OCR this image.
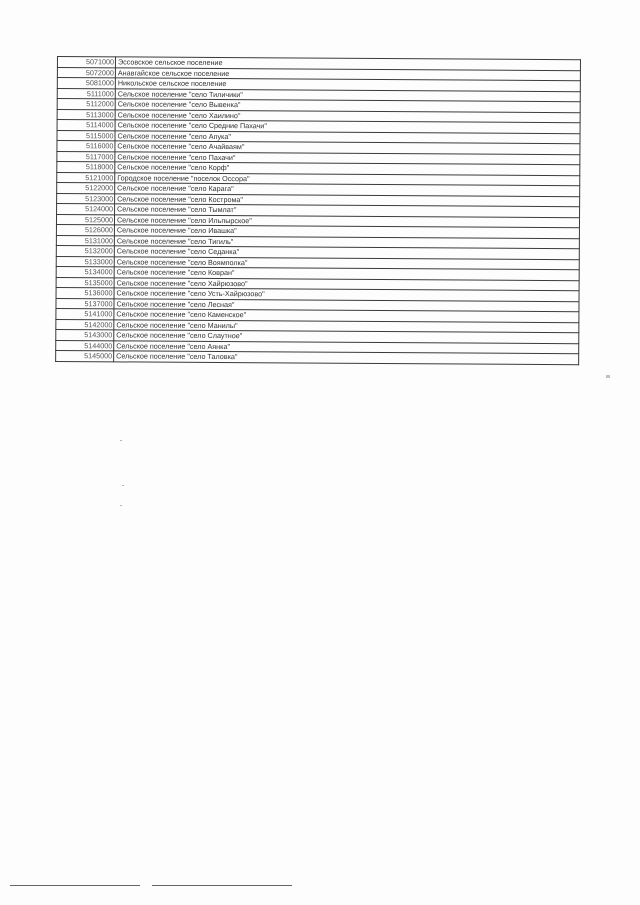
5071000	Эссовское сельское поселение
5072000	Анавгайское сельское поселение
5081000	Никольское сельское поселение
5111000	Сельское поселение "село Тиличики"
5112000	Сельское поселение "село Вывенка"
5113000	Сельское поселение "село Хаилино"
5114000	Сельское поселение "село Средние Пахачи"
5115000	Сельское поселение "село Апука"
5116000	Сельское поселение "село Ачайваям"
5117000	Сельское поселение "село Пахачи"
5118000	Сельское поселение "село Корф"
5121000	Городское поселение "поселок Оссора"
5122000	Сельское поселение "село Карага"
5123000	Сельское поселение "село Кострома"
5124000	Сельское поселение "село Тымлат"
5125000	Сельское поселение "село Ильпырское"
5126000	Сельское поселение "село Ивашка"
5131000	Сельское поселение "село Тигиль"
5132000	Сельское поселение "село Седанка"
5133000	Сельское поселение "село Воямполка"
5134000	Сельское поселение "село Ковран"
5135000	Сельское поселение "село Хайрюзово"
5136000	Сельское поселение "село Усть-Хайрюзово"
5137000	Сельское поселение "село Лесная"
5141000	Сельское поселение "село Каменское"
5142000	Сельское поселение "село Манилы"
5143000	Сельское поселение "село Слаутное"
5144000	Сельское поселение "село Аянка"
5145000	Сельское поселение "село Таловка"
